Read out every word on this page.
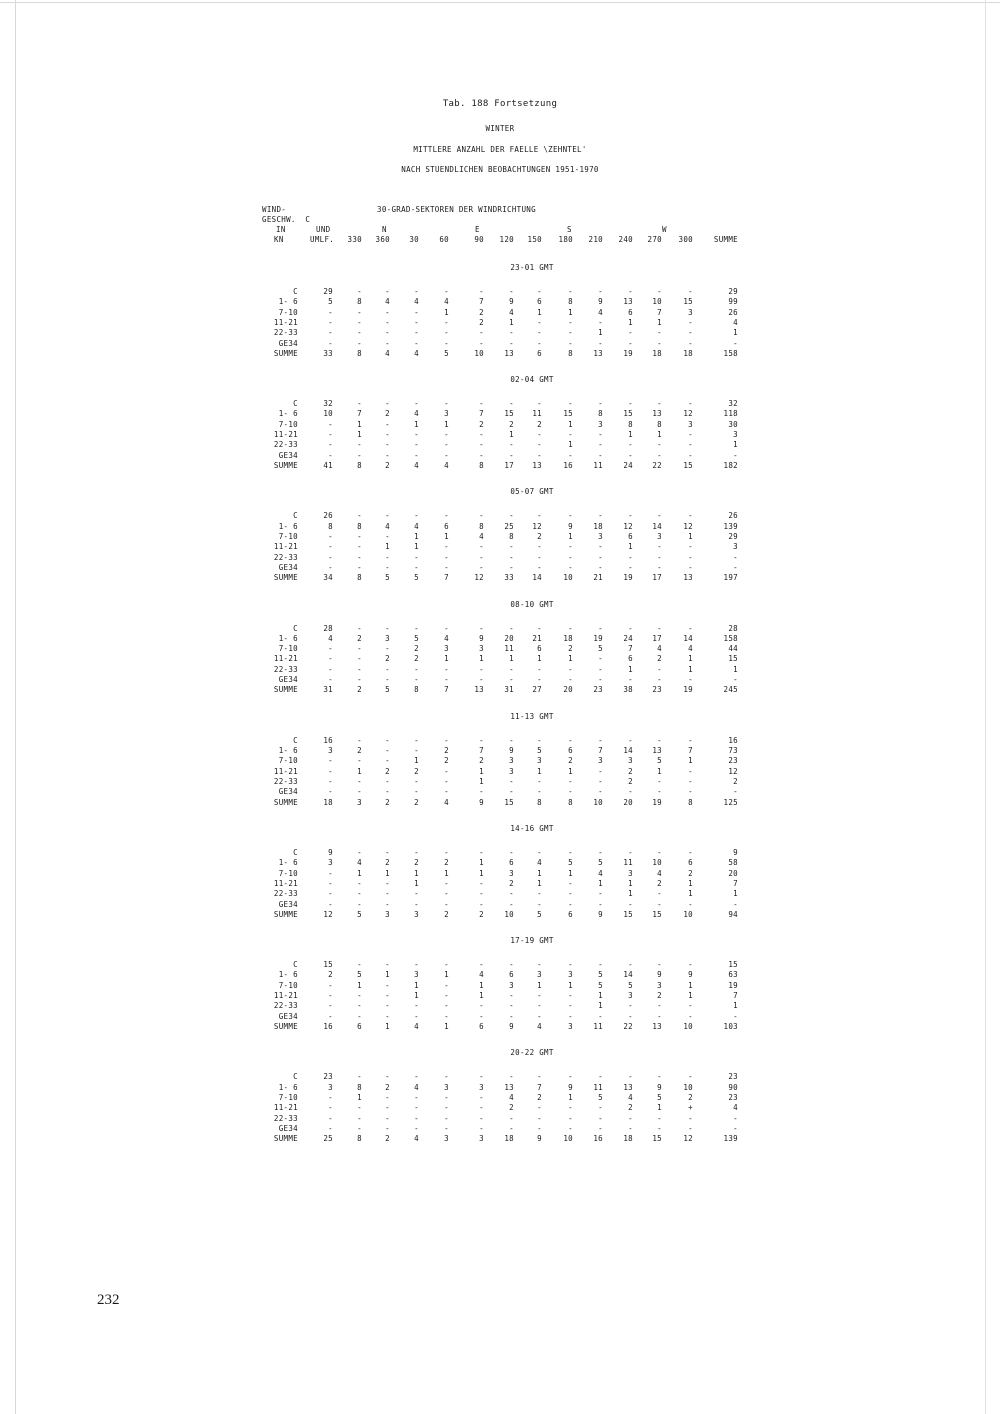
Tab. 188 Fortsetzung
WINTER
MITTLERE ANZAHL DER FAELLE \ZEHNTEL'
NACH STUENDLICHEN BEOBACHTUNGEN 1951-1970
WIND-	30-GRAD-SEKTOREN DER WINDRICHTUNG
GESCHW.  C
IN	UND	N	E	S	W
KN	UMLF.	330	360	30	60	90	120	150	180	210	240	270	300	SUMME
23-01 GMT
C	29	-	-	-	-	-	-	-	-	-	-	-	-	29
1- 6	5	8	4	4	4	7	9	6	8	9	13	10	15	99
7-10	-	-	-	-	1	2	4	1	1	4	6	7	3	26
11-21	-	-	-	-	-	2	1	-	-	-	1	1	-	4
22-33	-	-	-	-	-	-	-	-	-	1	-	-	-	1
GE34	-	-	-	-	-	-	-	-	-	-	-	-	-	-
SUMME	33	8	4	4	5	10	13	6	8	13	19	18	18	158
02-04 GMT
C	32	-	-	-	-	-	-	-	-	-	-	-	-	32
1- 6	10	7	2	4	3	7	15	11	15	8	15	13	12	118
7-10	-	1	-	1	1	2	2	2	1	3	8	8	3	30
11-21	-	1	-	-	-	-	1	-	-	-	1	1	-	3
22-33	-	-	-	-	-	-	-	-	1	-	-	-	-	1
GE34	-	-	-	-	-	-	-	-	-	-	-	-	-	-
SUMME	41	8	2	4	4	8	17	13	16	11	24	22	15	182
05-07 GMT
C	26	-	-	-	-	-	-	-	-	-	-	-	-	26
1- 6	8	8	4	4	6	8	25	12	9	18	12	14	12	139
7-10	-	-	-	1	1	4	8	2	1	3	6	3	1	29
11-21	-	-	1	1	-	-	-	-	-	-	1	-	-	3
22-33	-	-	-	-	-	-	-	-	-	-	-	-	-	-
GE34	-	-	-	-	-	-	-	-	-	-	-	-	-	-
SUMME	34	8	5	5	7	12	33	14	10	21	19	17	13	197
08-10 GMT
C	28	-	-	-	-	-	-	-	-	-	-	-	-	28
1- 6	4	2	3	5	4	9	20	21	18	19	24	17	14	158
7-10	-	-	-	2	3	3	11	6	2	5	7	4	4	44
11-21	-	-	2	2	1	1	1	1	1	-	6	2	1	15
22-33	-	-	-	-	-	-	-	-	-	-	1	-	1	1
GE34	-	-	-	-	-	-	-	-	-	-	-	-	-	-
SUMME	31	2	5	8	7	13	31	27	20	23	38	23	19	245
11-13 GMT
C	16	-	-	-	-	-	-	-	-	-	-	-	-	16
1- 6	3	2	-	-	2	7	9	5	6	7	14	13	7	73
7-10	-	-	-	1	2	2	3	3	2	3	3	5	1	23
11-21	-	1	2	2	-	1	3	1	1	-	2	1	-	12
22-33	-	-	-	-	-	1	-	-	-	-	2	-	-	2
GE34	-	-	-	-	-	-	-	-	-	-	-	-	-	-
SUMME	18	3	2	2	4	9	15	8	8	10	20	19	8	125
14-16 GMT
C	9	-	-	-	-	-	-	-	-	-	-	-	-	9
1- 6	3	4	2	2	2	1	6	4	5	5	11	10	6	58
7-10	-	1	1	1	1	1	3	1	1	4	3	4	2	20
11-21	-	-	-	1	-	-	2	1	-	1	1	2	1	7
22-33	-	-	-	-	-	-	-	-	-	-	1	-	1	1
GE34	-	-	-	-	-	-	-	-	-	-	-	-	-	-
SUMME	12	5	3	3	2	2	10	5	6	9	15	15	10	94
17-19 GMT
C	15	-	-	-	-	-	-	-	-	-	-	-	-	15
1- 6	2	5	1	3	1	4	6	3	3	5	14	9	9	63
7-10	-	1	-	1	-	1	3	1	1	5	5	3	1	19
11-21	-	-	-	1	-	1	-	-	-	1	3	2	1	7
22-33	-	-	-	-	-	-	-	-	-	1	-	-	-	1
GE34	-	-	-	-	-	-	-	-	-	-	-	-	-	-
SUMME	16	6	1	4	1	6	9	4	3	11	22	13	10	103
20-22 GMT
C	23	-	-	-	-	-	-	-	-	-	-	-	-	23
1- 6	3	8	2	4	3	3	13	7	9	11	13	9	10	90
7-10	-	1	-	-	-	-	4	2	1	5	4	5	2	23
11-21	-	-	-	-	-	-	2	-	-	-	2	1	+	4
22-33	-	-	-	-	-	-	-	-	-	-	-	-	-	-
GE34	-	-	-	-	-	-	-	-	-	-	-	-	-	-
SUMME	25	8	2	4	3	3	18	9	10	16	18	15	12	139
232
